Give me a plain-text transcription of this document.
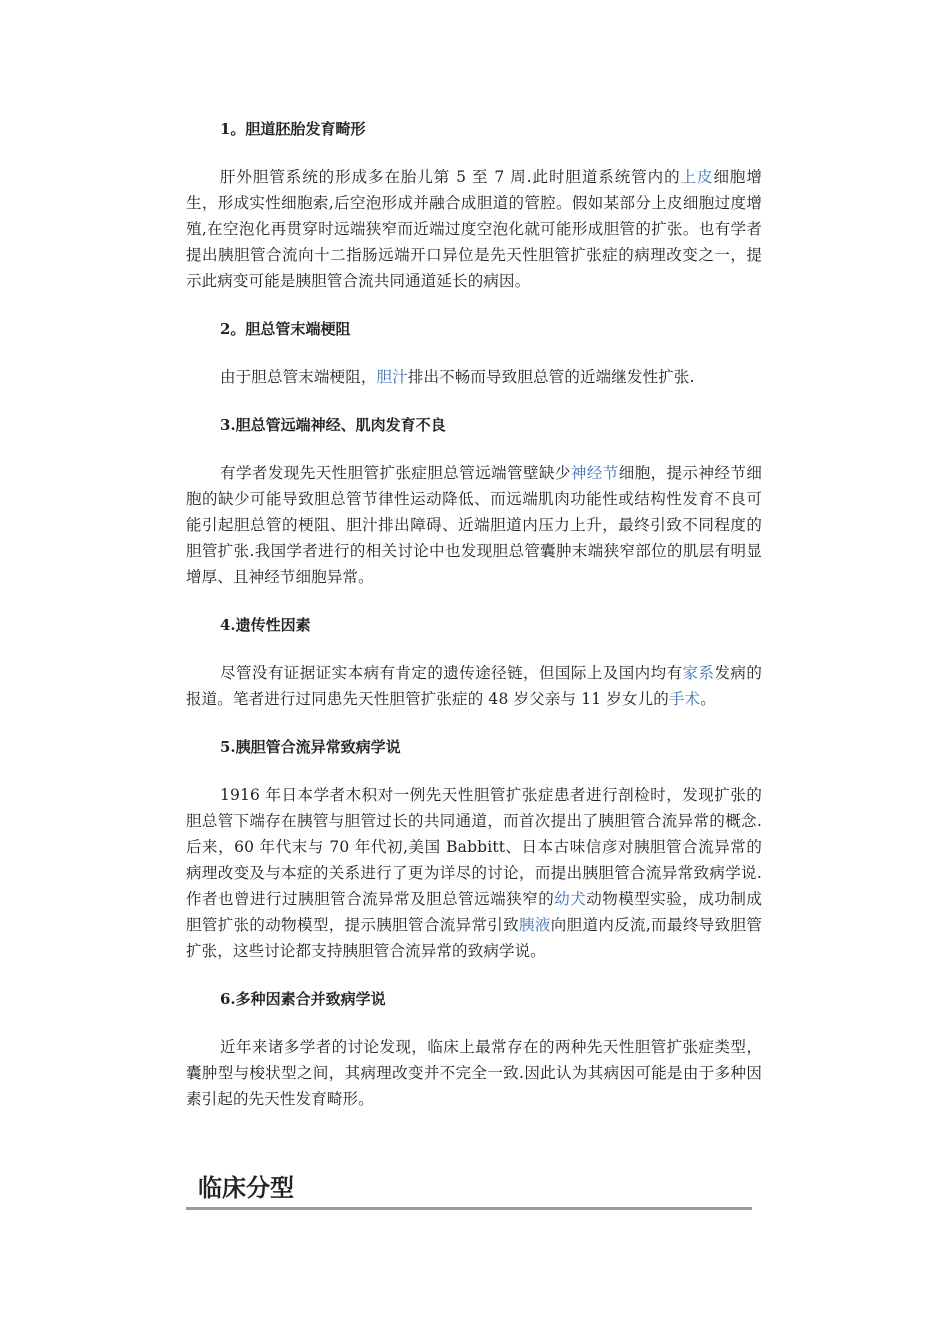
1。胆道胚胎发育畸形

肝外胆管系统的形成多在胎儿第 5 至 7 周.此时胆道系统管内的上皮细胞增生，形成实性细胞索,后空泡形成并融合成胆道的管腔。假如某部分上皮细胞过度增殖,在空泡化再贯穿时远端狭窄而近端过度空泡化就可能形成胆管的扩张。也有学者提出胰胆管合流向十二指肠远端开口异位是先天性胆管扩张症的病理改变之一，提示此病变可能是胰胆管合流共同通道延长的病因。

2。胆总管末端梗阻

由于胆总管末端梗阻，胆汁排出不畅而导致胆总管的近端继发性扩张.

3.胆总管远端神经、肌肉发育不良

有学者发现先天性胆管扩张症胆总管远端管壁缺少神经节细胞，提示神经节细胞的缺少可能导致胆总管节律性运动降低、而远端肌肉功能性或结构性发育不良可能引起胆总管的梗阻、胆汁排出障碍、近端胆道内压力上升，最终引致不同程度的胆管扩张.我国学者进行的相关讨论中也发现胆总管囊肿末端狭窄部位的肌层有明显增厚、且神经节细胞异常。

4.遗传性因素

尽管没有证据证实本病有肯定的遗传途径链，但国际上及国内均有家系发病的报道。笔者进行过同患先天性胆管扩张症的 48 岁父亲与 11 岁女儿的手术。

5.胰胆管合流异常致病学说

1916 年日本学者木积对一例先天性胆管扩张症患者进行剖检时，发现扩张的胆总管下端存在胰管与胆管过长的共同通道，而首次提出了胰胆管合流异常的概念.后来，60 年代末与 70 年代初,美国 Babbitt、日本古味信彦对胰胆管合流异常的病理改变及与本症的关系进行了更为详尽的讨论，而提出胰胆管合流异常致病学说.作者也曾进行过胰胆管合流异常及胆总管远端狭窄的幼犬动物模型实验，成功制成胆管扩张的动物模型，提示胰胆管合流异常引致胰液向胆道内反流,而最终导致胆管扩张，这些讨论都支持胰胆管合流异常的致病学说。

6.多种因素合并致病学说

近年来诸多学者的讨论发现，临床上最常存在的两种先天性胆管扩张症类型，囊肿型与梭状型之间，其病理改变并不完全一致.因此认为其病因可能是由于多种因素引起的先天性发育畸形。

临床分型
